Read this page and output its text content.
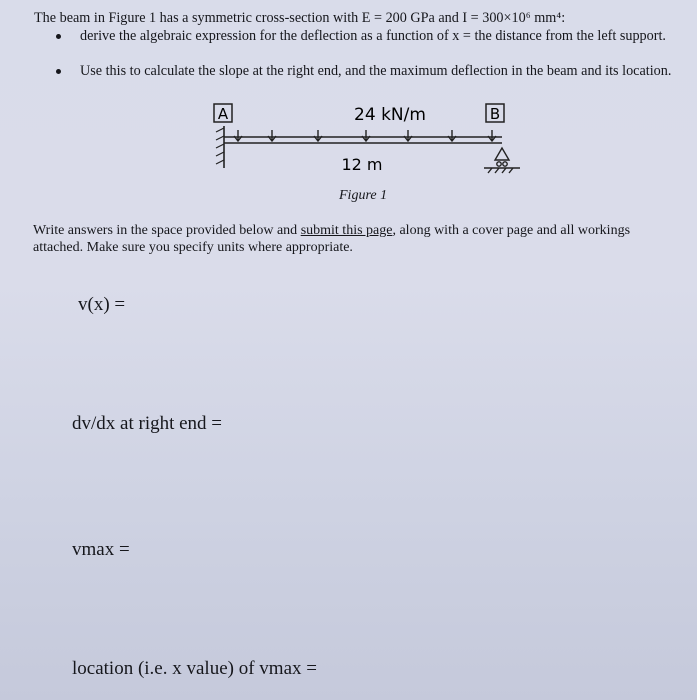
The beam in Figure 1 has a symmetric cross-section with E = 200 GPa and I = 300×10⁶ mm⁴:
derive the algebraic expression for the deflection as a function of x = the distance from the left support.
Use this to calculate the slope at the right end, and the maximum deflection in the beam and its location.
A	B
24 kN/m
12 m
Figure 1
Write answers in the space provided below and submit this page, along with a cover page and all workings attached. Make sure you specify units where appropriate.
v(x) =
dv/dx at right end =
vmax =
location (i.e. x value) of vmax =
